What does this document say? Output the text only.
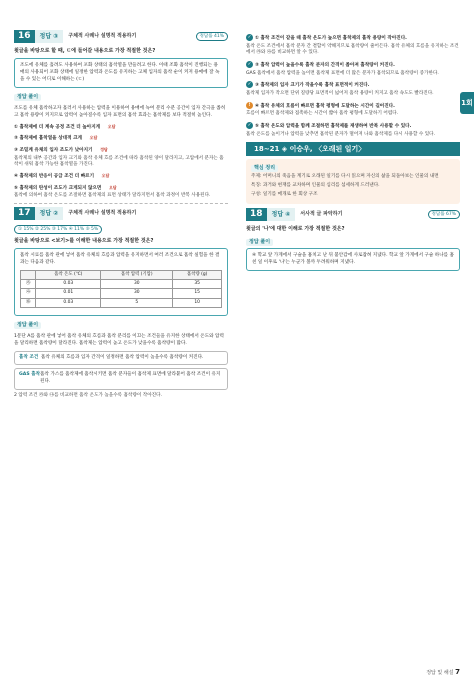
16	정답 ③	구체적 사례나 설명적 적용하기	정답률 41%
윗글을 바탕으로 할 때, ㄷ에 들어갈 내용으로 가장 적절한 것은?
조도에 유체를 흘려도 사용하여 포화 상태의 흡착열을 만들려고 한다. 이때 조화 흡착이 진행되는 용매의 사용되어 포화 상태에 일정한 압력과 온도를 유지하는 고체 입자의 흡착 순이 커져 용매에 잘 녹을 수 있는 어디로 이해하는 (ㄷ)
정답 풀이
조도를 유체 흡착하고자 흘러서 사용하는 압력을 이용하여 용매에 녹여 분리 수분 공간이 입자 간극을 좁히고 흡착 용량이 커지므로 압력이 높아질수록 입자 표면의 흡착 효과는 흡착제를 보다 적절히 높인다.
① 흡착제에 더 계속 공정 조건 더 높아지게 오답
② 흡착제에 흡착열을 상대적 크게 오답
③ 조밀계 유체의 입자 조도가 낮아지기 정답
흡착제의 내부 공간과 입자 크기와 흡착 유체 흐름 조건에 따라 흡착된 양이 달라지고, 고압에서 분자는 흡착이 쉬워 흡착 가능한 흡착열을 가진다.
④ 흡착제의 반응이 공급 조건 더 빠르기 오답
⑤ 흡착제의 탄성이 조도가 크게되지 않으면 오답
흡착에 의하여 흡착 온도를 조절하면 흡착제의 표면 상태가 달라지면서 흡착 과정이 반복 사용된다.
17	정답 ②	구체적 사례나 설명적 적용하기
① 15% ② 25% ③ 17% ④ 11% ⑤ 5%
윗글을 바탕으로 <보기>를 이해한 내용으로 가장 적절한 것은?
흡착 시료를 흡착 관에 넣어 흡착 유체의 흐름과 압력을 유지하면서 여러 조건으로 흡착 실험을 한 결과는 다음과 같다.
	흡착 온도 (℃)	흡착 압력 (기압)	흡착량 (g)
㉮	0.03	30	35
㉯	0.01	30	15
㉰	0.03	5	10
정답 풀이
1문단 A를 흡착 관에 넣어 흡착 유체의 흐름과 흡착 분리를 이끄는 조건들을 유지한 상태에서 온도와 압력을 달리하면 흡착량이 달라진다. 흡착제는 압력이 높고 온도가 낮을수록 흡착량이 많다.
흡착 조건 흡착 유체의 흐름과 입자 간격이 일정하면 흡착 압력이 높을수록 흡착량이 커진다.
GAS 흡착 흡착 가스를 흡착제에 흡착시키면 흡착 분자들이 흡착제 표면에 달라붙어 흡착 조건이 유지된다.
2 압력 조건 ㉮와 ㉯를 비교하면 흡착 온도가 높을수록 흡착량이 작아진다.
✓ ① 흡착 조건이 같을 때 흡착 온도가 높으면 흡착제의 흡착 용량이 작아진다.
흡착 온도 조건에서 흡착 분자 간 결합이 약해지므로 흡착량이 줄어든다. 흡착 유체의 흐름을 유지하는 조건에서 ㉮와 ㉯를 비교하면 알 수 있다.
✓ ② 흡착 압력이 높을수록 흡착 분자의 간격이 좁아져 흡착량이 커진다.
GAS 흡착에서 흡착 압력을 높이면 흡착제 표면에 더 많은 분자가 흡착되므로 흡착량이 증가한다.
✓ ③ 흡착제의 입자 크기가 작을수록 흡착 표면적이 커진다.
흡착제 입자가 작으면 단위 질량당 표면적이 넓어져 흡착 용량이 커지고 흡착 속도도 빨라진다.
! ④ 흡착 유체의 흐름이 빠르면 흡착 평형에 도달하는 시간이 길어진다.
흐름이 빠르면 흡착제와 접촉하는 시간이 짧아 흡착 평형에 도달하기 어렵다.
✓ ⑤ 흡착 온도와 압력을 함께 조절하면 흡착제를 재생하여 반복 사용할 수 있다.
흡착 온도를 높이거나 압력을 낮추면 흡착된 분자가 떨어져 나와 흡착제를 다시 사용할 수 있다.
18~21 ◈ 이승우, 〈오래된 일기〉
핵심 정리
주제: 어머니의 죽음을 계기로 오래된 일기를 다시 읽으며 자신의 삶을 되돌아보는 인물의 내면
특징: 과거와 현재를 교차하며 인물의 심리를 섬세하게 드러낸다.
구성: 일기를 매개로 한 회상 구조
18	정답 ④	서사적 글 파악하기	정답률 67%
윗글의 '나'에 대한 이해로 가장 적절한 것은?
정답 풀이
④ 학교 앞 가게에서 구슬을 훔치고 난 뒤 불안감에 사로잡혀 지냈다. 학교 앞 가게에서 구슬 하나를 훔친 일 이후로 '나'는 누군가 볼까 두려워하며 지냈다.
1회
정답 및 해설 7
